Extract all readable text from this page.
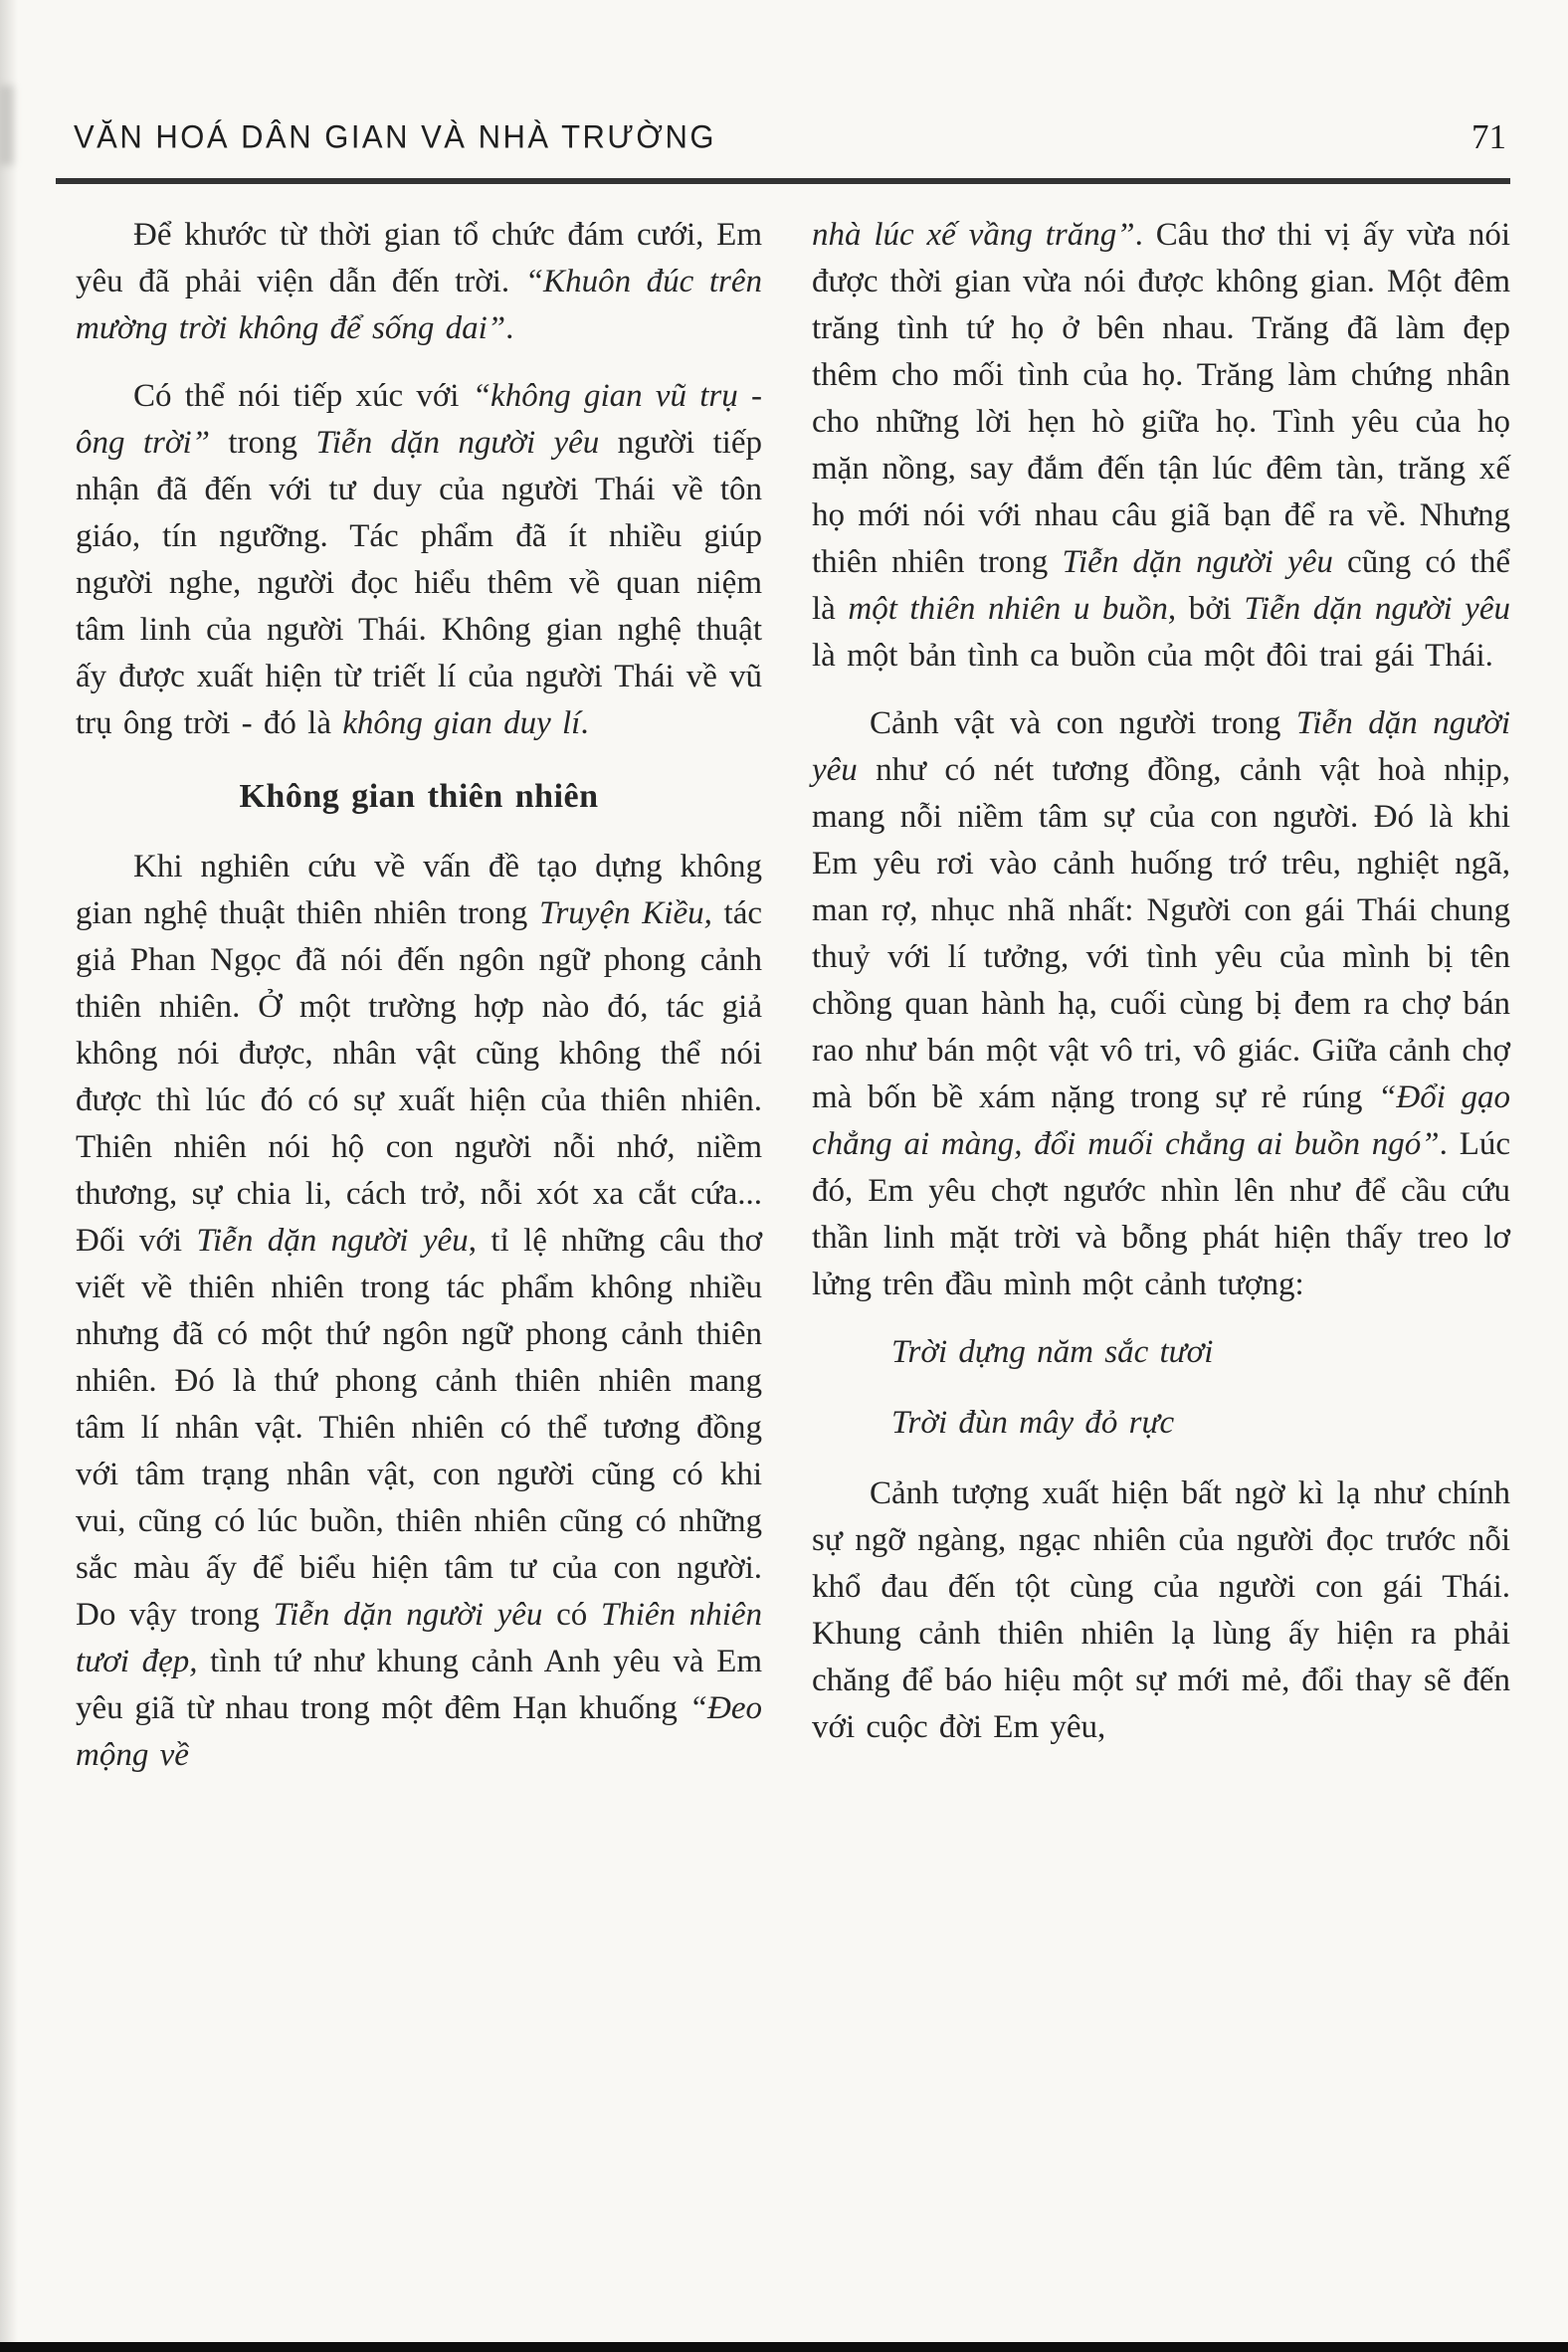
VĂN HOÁ DÂN GIAN VÀ NHÀ TRƯỜNG	71

Để khước từ thời gian tổ chức đám cưới, Em yêu đã phải viện dẫn đến trời. “Khuôn đúc trên mường trời không để sống dai”.

Có thể nói tiếp xúc với “không gian vũ trụ - ông trời” trong Tiễn dặn người yêu người tiếp nhận đã đến với tư duy của người Thái về tôn giáo, tín ngưỡng. Tác phẩm đã ít nhiều giúp người nghe, người đọc hiểu thêm về quan niệm tâm linh của người Thái. Không gian nghệ thuật ấy được xuất hiện từ triết lí của người Thái về vũ trụ ông trời - đó là không gian duy lí.

Không gian thiên nhiên

Khi nghiên cứu về vấn đề tạo dựng không gian nghệ thuật thiên nhiên trong Truyện Kiều, tác giả Phan Ngọc đã nói đến ngôn ngữ phong cảnh thiên nhiên. Ở một trường hợp nào đó, tác giả không nói được, nhân vật cũng không thể nói được thì lúc đó có sự xuất hiện của thiên nhiên. Thiên nhiên nói hộ con người nỗi nhớ, niềm thương, sự chia li, cách trở, nỗi xót xa cắt cứa... Đối với Tiễn dặn người yêu, tỉ lệ những câu thơ viết về thiên nhiên trong tác phẩm không nhiều nhưng đã có một thứ ngôn ngữ phong cảnh thiên nhiên. Đó là thứ phong cảnh thiên nhiên mang tâm lí nhân vật. Thiên nhiên có thể tương đồng với tâm trạng nhân vật, con người cũng có khi vui, cũng có lúc buồn, thiên nhiên cũng có những sắc màu ấy để biểu hiện tâm tư của con người. Do vậy trong Tiễn dặn người yêu có Thiên nhiên tươi đẹp, tình tứ như khung cảnh Anh yêu và Em yêu giã từ nhau trong một đêm Hạn khuống “Đeo mộng về

nhà lúc xế vầng trăng”. Câu thơ thi vị ấy vừa nói được thời gian vừa nói được không gian. Một đêm trăng tình tứ họ ở bên nhau. Trăng đã làm đẹp thêm cho mối tình của họ. Trăng làm chứng nhân cho những lời hẹn hò giữa họ. Tình yêu của họ mặn nồng, say đắm đến tận lúc đêm tàn, trăng xế họ mới nói với nhau câu giã bạn để ra về. Nhưng thiên nhiên trong Tiễn dặn người yêu cũng có thể là một thiên nhiên u buồn, bởi Tiễn dặn người yêu là một bản tình ca buồn của một đôi trai gái Thái.

Cảnh vật và con người trong Tiễn dặn người yêu như có nét tương đồng, cảnh vật hoà nhịp, mang nỗi niềm tâm sự của con người. Đó là khi Em yêu rơi vào cảnh huống trớ trêu, nghiệt ngã, man rợ, nhục nhã nhất: Người con gái Thái chung thuỷ với lí tưởng, với tình yêu của mình bị tên chồng quan hành hạ, cuối cùng bị đem ra chợ bán rao như bán một vật vô tri, vô giác. Giữa cảnh chợ mà bốn bề xám nặng trong sự rẻ rúng “Đổi gạo chẳng ai màng, đổi muối chẳng ai buồn ngó”. Lúc đó, Em yêu chợt ngước nhìn lên như để cầu cứu thần linh mặt trời và bỗng phát hiện thấy treo lơ lửng trên đầu mình một cảnh tượng:

Trời dựng năm sắc tươi

Trời đùn mây đỏ rực

Cảnh tượng xuất hiện bất ngờ kì lạ như chính sự ngỡ ngàng, ngạc nhiên của người đọc trước nỗi khổ đau đến tột cùng của người con gái Thái. Khung cảnh thiên nhiên lạ lùng ấy hiện ra phải chăng để báo hiệu một sự mới mẻ, đổi thay sẽ đến với cuộc đời Em yêu,
